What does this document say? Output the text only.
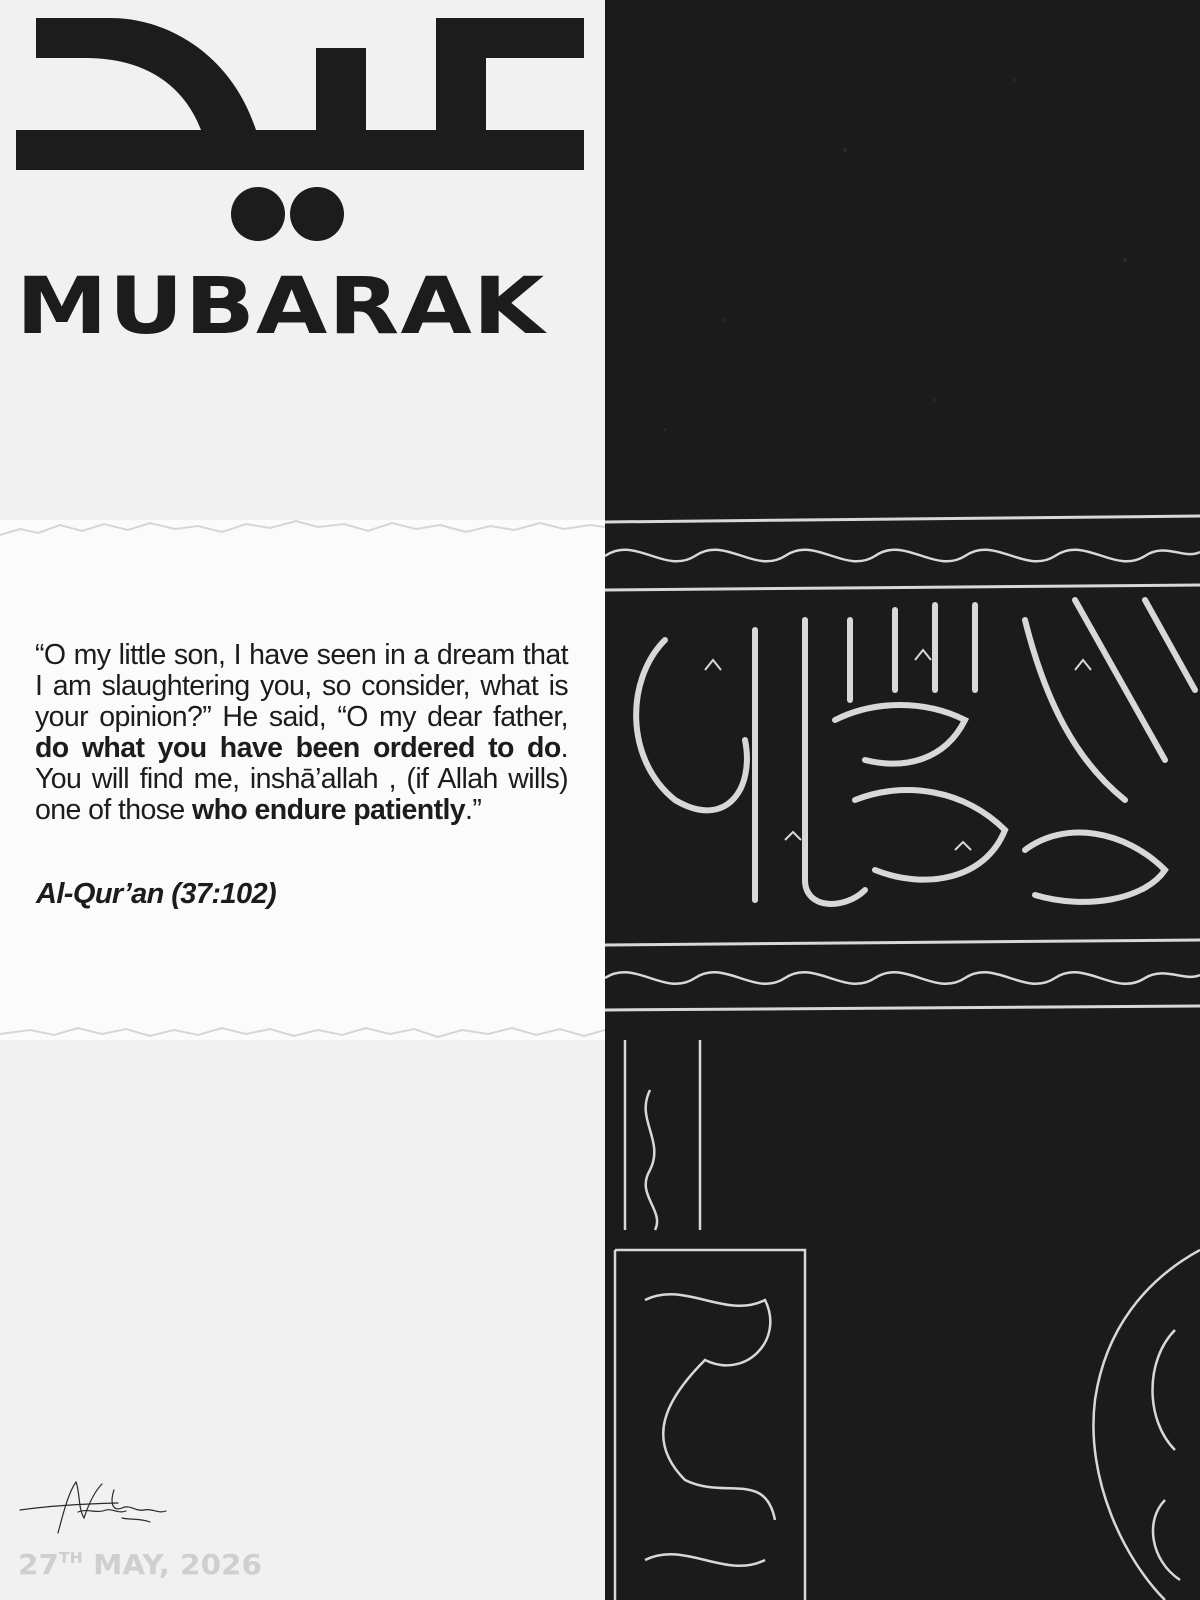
MUBARAK
“O my little son, I have seen in a dream that I am slaughtering you, so consider, what is your opinion?” He said, “O my dear father, do what you have been ordered to do. You will find me, inshā’allah , (if Allah wills) one of those who endure patiently.”
Al-Qur’an (37:102)
27TH MAY, 2026
